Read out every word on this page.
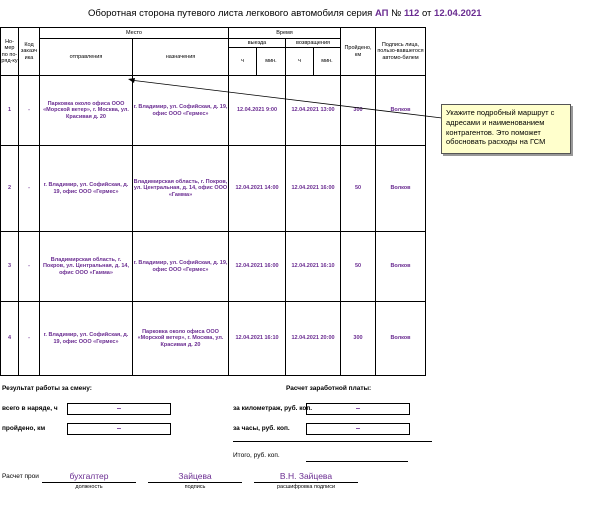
Оборотная сторона путевого листа легкового автомобиля серия АП № 112 от 12.04.2021
Но-мер по по-ряд-ку	Код заказч ика	Место		Время				Пройдено, км	Подпись лица, пользо-вавшегося автомо-билем
		отправления	назначения	выезда		возвращения			
				ч	мин.	ч	мин.		
1	-	Парковка около офиса ООО «Морской ветер», г. Москва, ул. Красивая д. 20	г. Владимир, ул. Софийская, д. 19, офис ООО «Гермес»	12.04.2021 9:00		12.04.2021 13:00		300	Волков
2	-	г. Владимир, ул. Софийская, д. 19, офис ООО «Гермес»	Владимирская область, г. Покров, ул. Центральная, д. 14, офис ООО «Гамма»	12.04.2021 14:00		12.04.2021 16:00		50	Волков
3	-	Владимирская область, г. Покров, ул. Центральная, д. 14, офис ООО «Гамма»	г. Владимир, ул. Софийская, д. 19, офис ООО «Гермес»	12.04.2021 16:00		12.04.2021 16:10		50	Волков
4	-	г. Владимир, ул. Софийская, д. 19, офис ООО «Гермес»	Парковка около офиса ООО «Морской ветер», г. Москва, ул. Красивая д. 20	12.04.2021 16:10		12.04.2021 20:00		300	Волков
Укажите подробный маршрут с адресами и наименованием контрагентов. Это поможет обосновать расходы на ГСМ
Результат работы за смену:
всего в наряде, ч	–
пройдено, км	–
Расчет заработной платы:
за километраж, руб. коп.	–
за часы, руб. коп.	–
Итого, руб. коп.
Расчет прои	бухгалтер
должность
Зайцева
подпись
В.Н. Зайцева
расшифровка подписи
